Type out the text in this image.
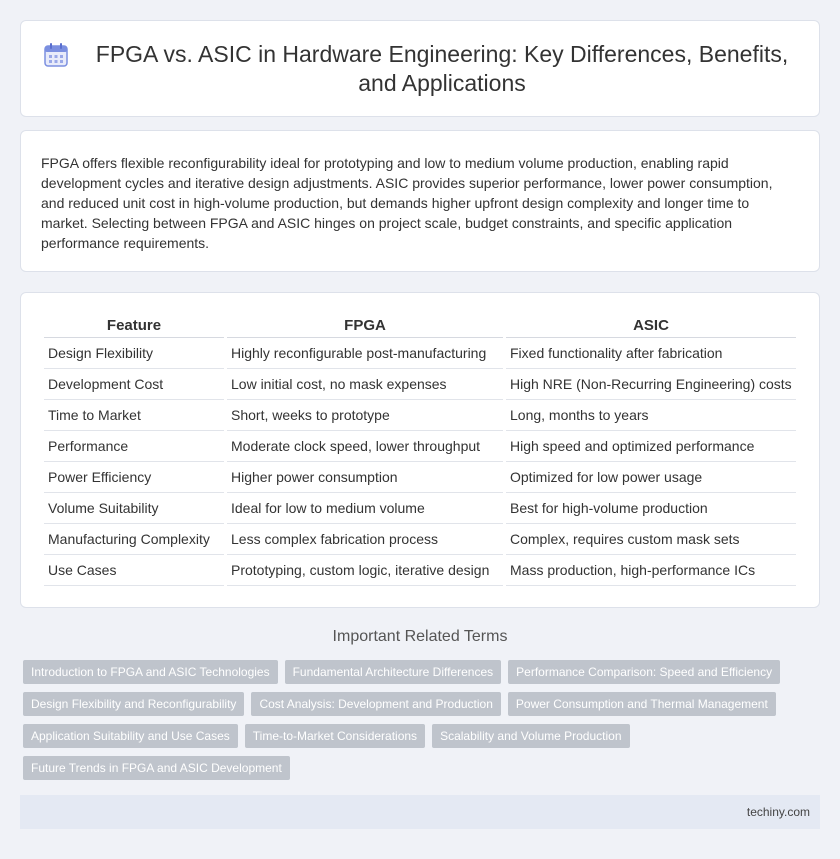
FPGA vs. ASIC in Hardware Engineering: Key Differences, Benefits, and Applications

FPGA offers flexible reconfigurability ideal for prototyping and low to medium volume production, enabling rapid development cycles and iterative design adjustments. ASIC provides superior performance, lower power consumption, and reduced unit cost in high-volume production, but demands higher upfront design complexity and longer time to market. Selecting between FPGA and ASIC hinges on project scale, budget constraints, and specific application performance requirements.

Feature	FPGA	ASIC
Design Flexibility	Highly reconfigurable post-manufacturing	Fixed functionality after fabrication
Development Cost	Low initial cost, no mask expenses	High NRE (Non-Recurring Engineering) costs
Time to Market	Short, weeks to prototype	Long, months to years
Performance	Moderate clock speed, lower throughput	High speed and optimized performance
Power Efficiency	Higher power consumption	Optimized for low power usage
Volume Suitability	Ideal for low to medium volume	Best for high-volume production
Manufacturing Complexity	Less complex fabrication process	Complex, requires custom mask sets
Use Cases	Prototyping, custom logic, iterative design	Mass production, high-performance ICs
Important Related Terms
Introduction to FPGA and ASIC Technologies	Fundamental Architecture Differences	Performance Comparison: Speed and Efficiency
Design Flexibility and Reconfigurability	Cost Analysis: Development and Production	Power Consumption and Thermal Management
Application Suitability and Use Cases	Time-to-Market Considerations	Scalability and Volume Production
Future Trends in FPGA and ASIC Development
techiny.com
